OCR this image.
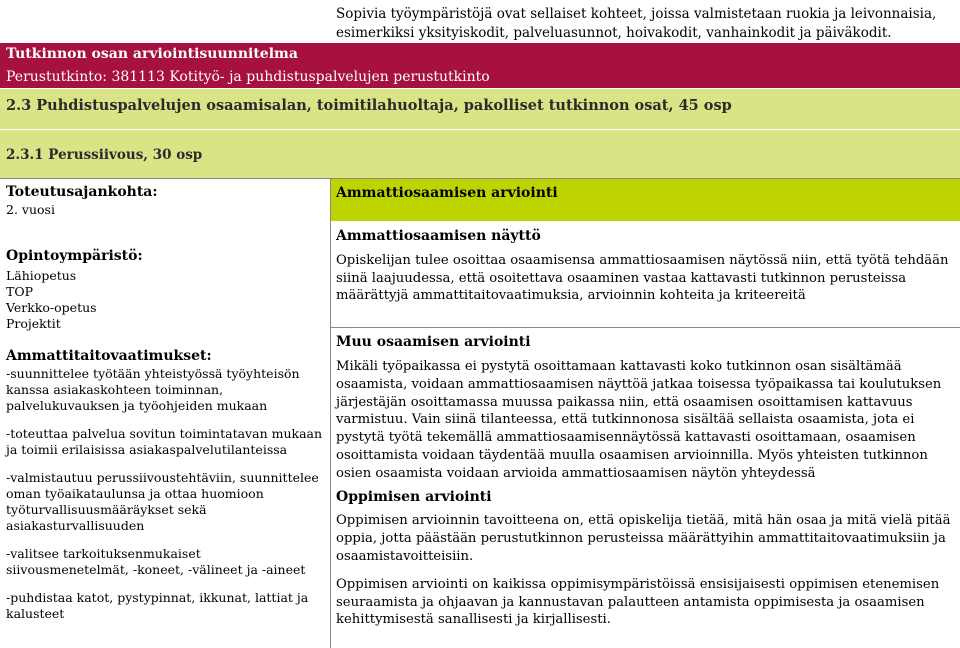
Sopivia työympäristöjä ovat sellaiset kohteet, joissa valmistetaan ruokia ja leivonnaisia, esimerkiksi yksityiskodit, palveluasunnot, hoivakodit, vanhainkodit ja päiväkodit.
Tutkinnon osan arviointisuunnitelma
Perustutkinto: 381113 Kotityö- ja puhdistuspalvelujen perustutkinto
2.3 Puhdistuspalvelujen osaamisalan, toimitilahuoltaja, pakolliset tutkinnon osat, 45 osp
2.3.1 Perussiivous, 30 osp
Toteutusajankohta:

2. vuosi

Opintoympäristö:
Lähiopetus
TOP
Verkko-opetus
Projektit
Ammattitaitovaatimukset:

-suunnittelee työtään yhteistyössä työyhteisön kanssa asiakaskohteen toiminnan, palvelukuvauksen ja työohjeiden mukaan

-toteuttaa palvelua sovitun toimintatavan mukaan ja toimii erilaisissa asiakaspalvelutilanteissa

-valmistautuu perussiivoustehtäviin, suunnittelee oman työaikataulunsa ja ottaa huomioon työturvallisuusmääräykset sekä asiakasturvallisuuden

-valitsee tarkoituksenmukaiset siivousmenetelmät, -koneet, -välineet ja -aineet

-puhdistaa katot, pystypinnat, ikkunat, lattiat ja kalusteet

Ammattiosaamisen arviointi
Ammattiosaamisen näyttö

Opiskelijan tulee osoittaa osaamisensa ammattiosaamisen näytössä niin, että työtä tehdään siinä laajuudessa, että osoitettava osaaminen vastaa kattavasti tutkinnon perusteissa määrättyjä ammattitaitovaatimuksia, arvioinnin kohteita ja kriteereitä

Muu osaamisen arviointi

Mikäli työpaikassa ei pystytä osoittamaan kattavasti koko tutkinnon osan sisältämää osaamista, voidaan ammattiosaamisen näyttöä jatkaa toisessa työpaikassa tai koulutuksen järjestäjän osoittamassa muussa paikassa niin, että osaamisen osoittamisen kattavuus varmistuu. Vain siinä tilanteessa, että tutkinnonosa sisältää sellaista osaamista, jota ei pystytä työtä tekemällä ammattiosaamisennäytössä kattavasti osoittamaan, osaamisen osoittamista voidaan täydentää muulla osaamisen arvioinnilla. Myös yhteisten tutkinnon osien osaamista voidaan arvioida ammattiosaamisen näytön yhteydessä

Oppimisen arviointi

Oppimisen arvioinnin tavoitteena on, että opiskelija tietää, mitä hän osaa ja mitä vielä pitää oppia, jotta päästään perustutkinnon perusteissa määrättyihin ammattitaitovaatimuksiin ja osaamistavoitteisiin.

Oppimisen arviointi on kaikissa oppimisympäristöissä ensisijaisesti oppimisen etenemisen seuraamista ja ohjaavan ja kannustavan palautteen antamista oppimisesta ja osaamisen kehittymisestä sanallisesti ja kirjallisesti.
